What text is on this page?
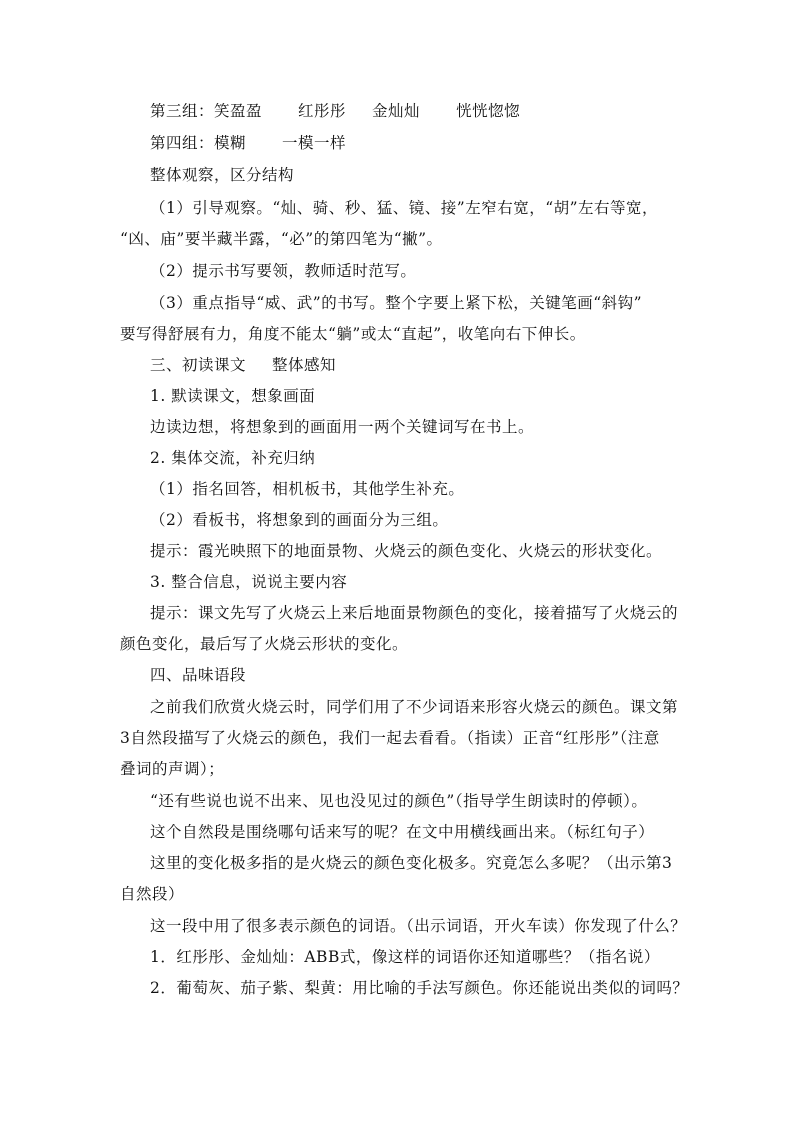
第三组：笑盈盈 红彤彤 金灿灿 恍恍惚惚
第四组：模糊 一模一样
整体观察，区分结构
（1）引导观察。“灿、骑、秒、猛、镜、接”左窄右宽，“胡”左右等宽，
“凶、庙”要半藏半露，“必”的第四笔为“撇”。
（2）提示书写要领，教师适时范写。
（3）重点指导“威、武”的书写。整个字要上紧下松，关键笔画“斜钩”
要写得舒展有力，角度不能太“躺”或太“直起”，收笔向右下伸长。
三、初读课文 整体感知
1. 默读课文，想象画面
边读边想，将想象到的画面用一两个关键词写在书上。
2. 集体交流，补充归纳
（1）指名回答，相机板书，其他学生补充。
（2）看板书，将想象到的画面分为三组。
提示：霞光映照下的地面景物、火烧云的颜色变化、火烧云的形状变化。
3. 整合信息，说说主要内容
提示：课文先写了火烧云上来后地面景物颜色的变化，接着描写了火烧云的
颜色变化，最后写了火烧云形状的变化。
四、品味语段
之前我们欣赏火烧云时，同学们用了不少词语来形容火烧云的颜色。课文第
3自然段描写了火烧云的颜色，我们一起去看看。（指读）正音“红彤彤”（注意
叠词的声调）；
“还有些说也说不出来、见也没见过的颜色”（指导学生朗读时的停顿）。
这个自然段是围绕哪句话来写的呢？在文中用横线画出来。（标红句子）
这里的变化极多指的是火烧云的颜色变化极多。究竟怎么多呢？（出示第3
自然段）
这一段中用了很多表示颜色的词语。（出示词语，开火车读）你发现了什么？
1．红彤彤、金灿灿：ABB式，像这样的词语你还知道哪些？（指名说）
2．葡萄灰、茄子紫、梨黄：用比喻的手法写颜色。你还能说出类似的词吗？
